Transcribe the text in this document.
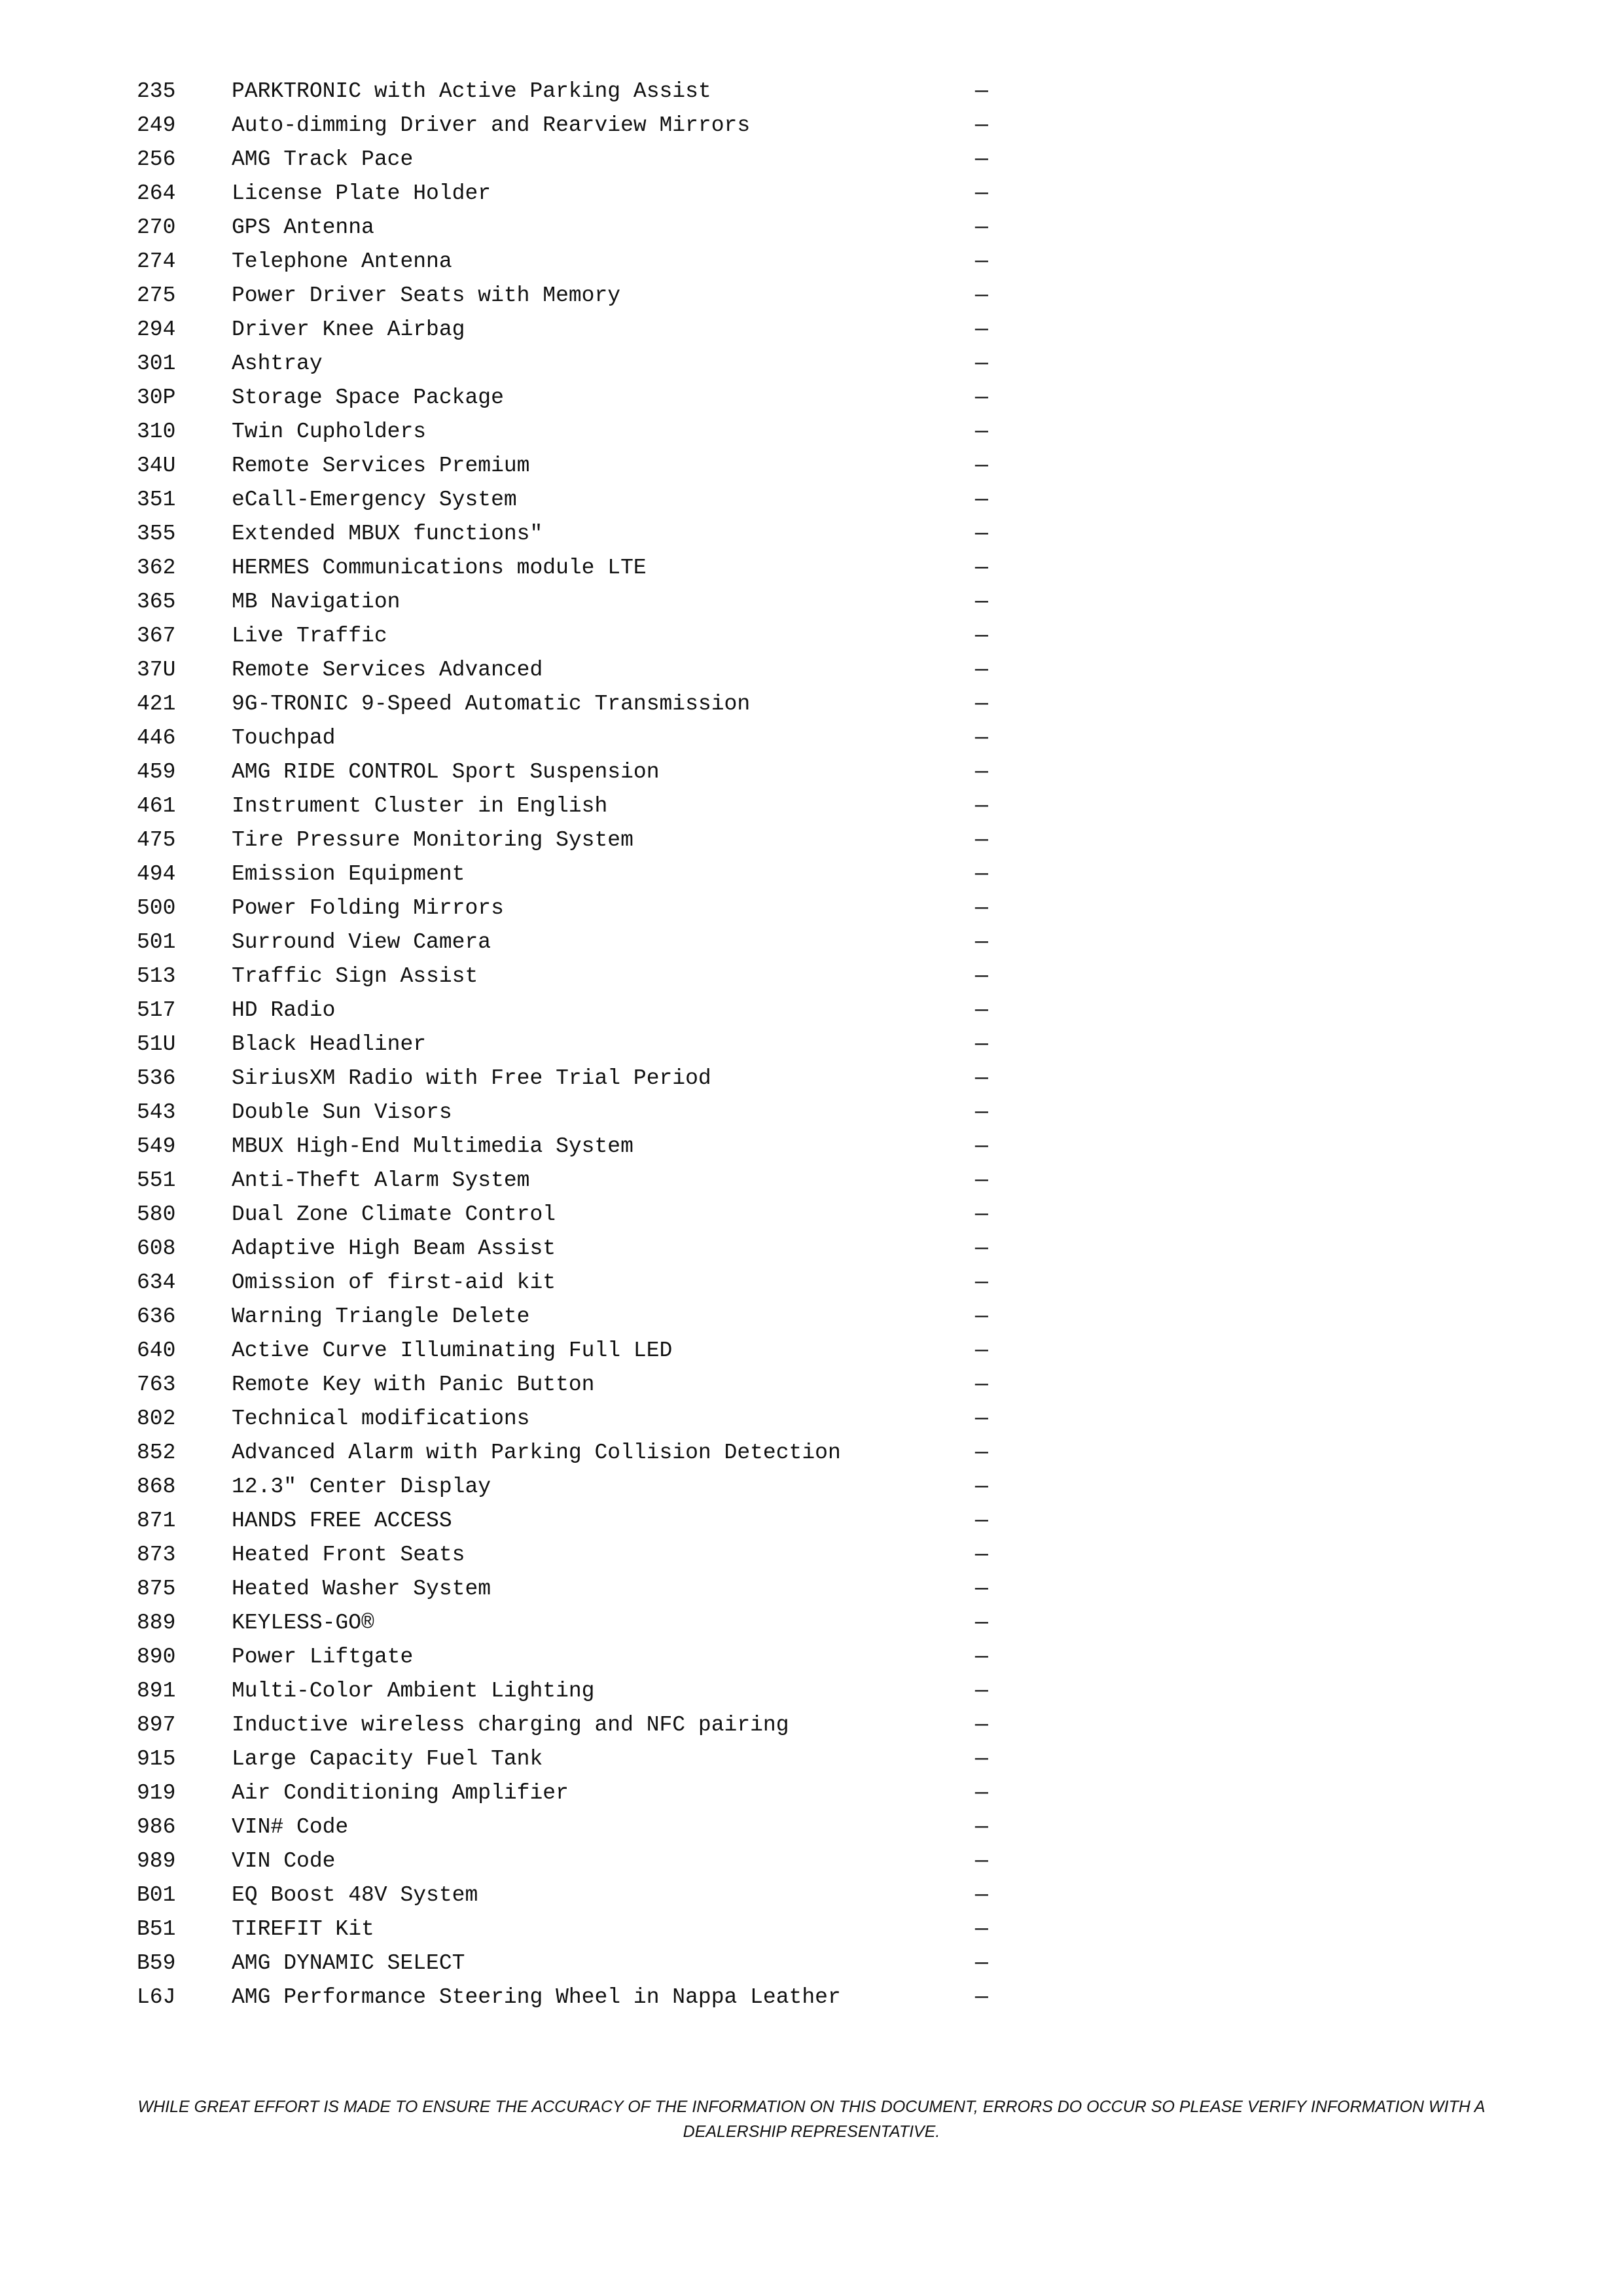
235	PARKTRONIC with Active Parking Assist	—
249	Auto-dimming Driver and Rearview Mirrors	—
256	AMG Track Pace	—
264	License Plate Holder	—
270	GPS Antenna	—
274	Telephone Antenna	—
275	Power Driver Seats with Memory	—
294	Driver Knee Airbag	—
301	Ashtray	—
30P	Storage Space Package	—
310	Twin Cupholders	—
34U	Remote Services Premium	—
351	eCall-Emergency System	—
355	Extended MBUX functions"	—
362	HERMES Communications module LTE	—
365	MB Navigation	—
367	Live Traffic	—
37U	Remote Services Advanced	—
421	9G-TRONIC 9-Speed Automatic Transmission	—
446	Touchpad	—
459	AMG RIDE CONTROL Sport Suspension	—
461	Instrument Cluster in English	—
475	Tire Pressure Monitoring System	—
494	Emission Equipment	—
500	Power Folding Mirrors	—
501	Surround View Camera	—
513	Traffic Sign Assist	—
517	HD Radio	—
51U	Black Headliner	—
536	SiriusXM Radio with Free Trial Period	—
543	Double Sun Visors	—
549	MBUX High-End Multimedia System	—
551	Anti-Theft Alarm System	—
580	Dual Zone Climate Control	—
608	Adaptive High Beam Assist	—
634	Omission of first-aid kit	—
636	Warning Triangle Delete	—
640	Active Curve Illuminating Full LED	—
763	Remote Key with Panic Button	—
802	Technical modifications	—
852	Advanced Alarm with Parking Collision Detection	—
868	12.3" Center Display	—
871	HANDS FREE ACCESS	—
873	Heated Front Seats	—
875	Heated Washer System	—
889	KEYLESS-GO®	—
890	Power Liftgate	—
891	Multi-Color Ambient Lighting	—
897	Inductive wireless charging and NFC pairing	—
915	Large Capacity Fuel Tank	—
919	Air Conditioning Amplifier	—
986	VIN# Code	—
989	VIN Code	—
B01	EQ Boost 48V System	—
B51	TIREFIT Kit	—
B59	AMG DYNAMIC SELECT	—
L6J	AMG Performance Steering Wheel in Nappa Leather	—

WHILE GREAT EFFORT IS MADE TO ENSURE THE ACCURACY OF THE INFORMATION ON THIS DOCUMENT, ERRORS DO OCCUR SO PLEASE VERIFY INFORMATION WITH A DEALERSHIP REPRESENTATIVE.
